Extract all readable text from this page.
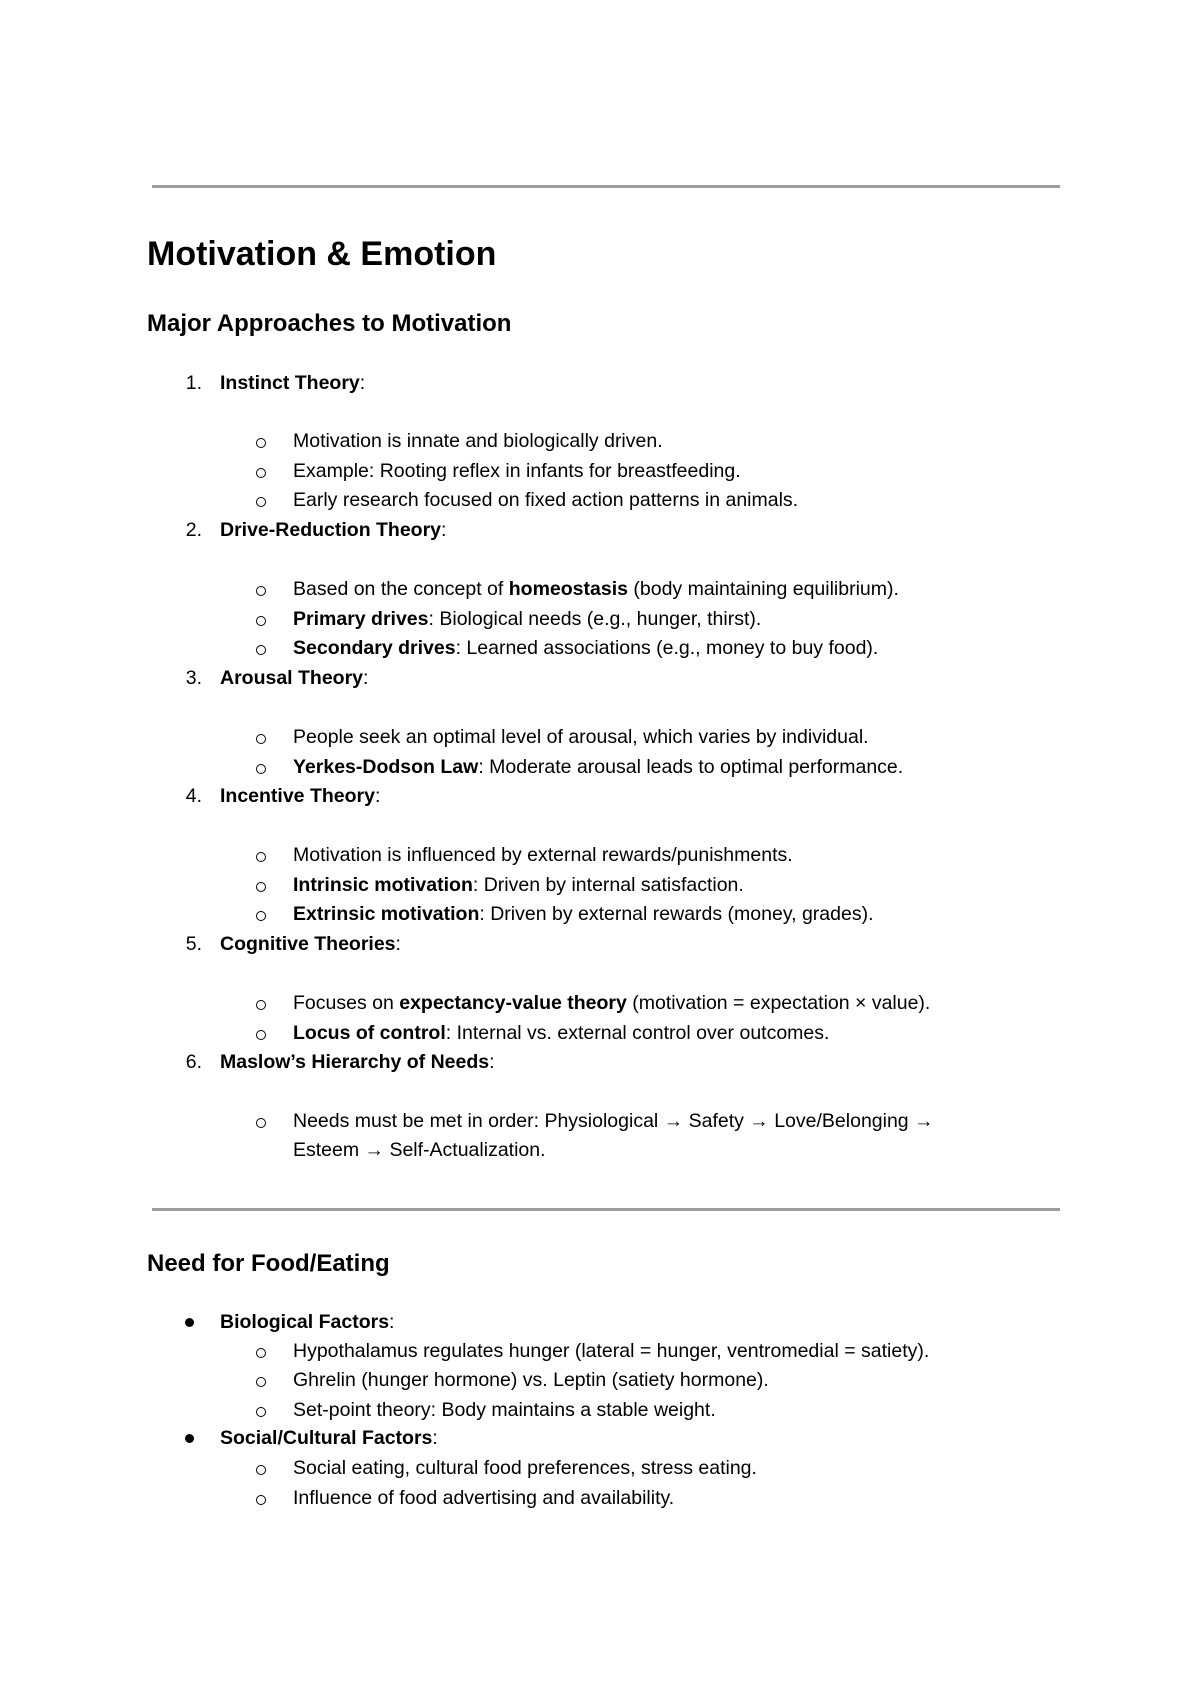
Motivation & Emotion
Major Approaches to Motivation
1. Instinct Theory:
Motivation is innate and biologically driven.
Example: Rooting reflex in infants for breastfeeding.
Early research focused on fixed action patterns in animals.
2. Drive-Reduction Theory:
Based on the concept of homeostasis (body maintaining equilibrium).
Primary drives: Biological needs (e.g., hunger, thirst).
Secondary drives: Learned associations (e.g., money to buy food).
3. Arousal Theory:
People seek an optimal level of arousal, which varies by individual.
Yerkes-Dodson Law: Moderate arousal leads to optimal performance.
4. Incentive Theory:
Motivation is influenced by external rewards/punishments.
Intrinsic motivation: Driven by internal satisfaction.
Extrinsic motivation: Driven by external rewards (money, grades).
5. Cognitive Theories:
Focuses on expectancy-value theory (motivation = expectation × value).
Locus of control: Internal vs. external control over outcomes.
6. Maslow’s Hierarchy of Needs:
Needs must be met in order: Physiological → Safety → Love/Belonging →
Esteem → Self-Actualization.
Need for Food/Eating
Biological Factors:
Hypothalamus regulates hunger (lateral = hunger, ventromedial = satiety).
Ghrelin (hunger hormone) vs. Leptin (satiety hormone).
Set-point theory: Body maintains a stable weight.
Social/Cultural Factors:
Social eating, cultural food preferences, stress eating.
Influence of food advertising and availability.
